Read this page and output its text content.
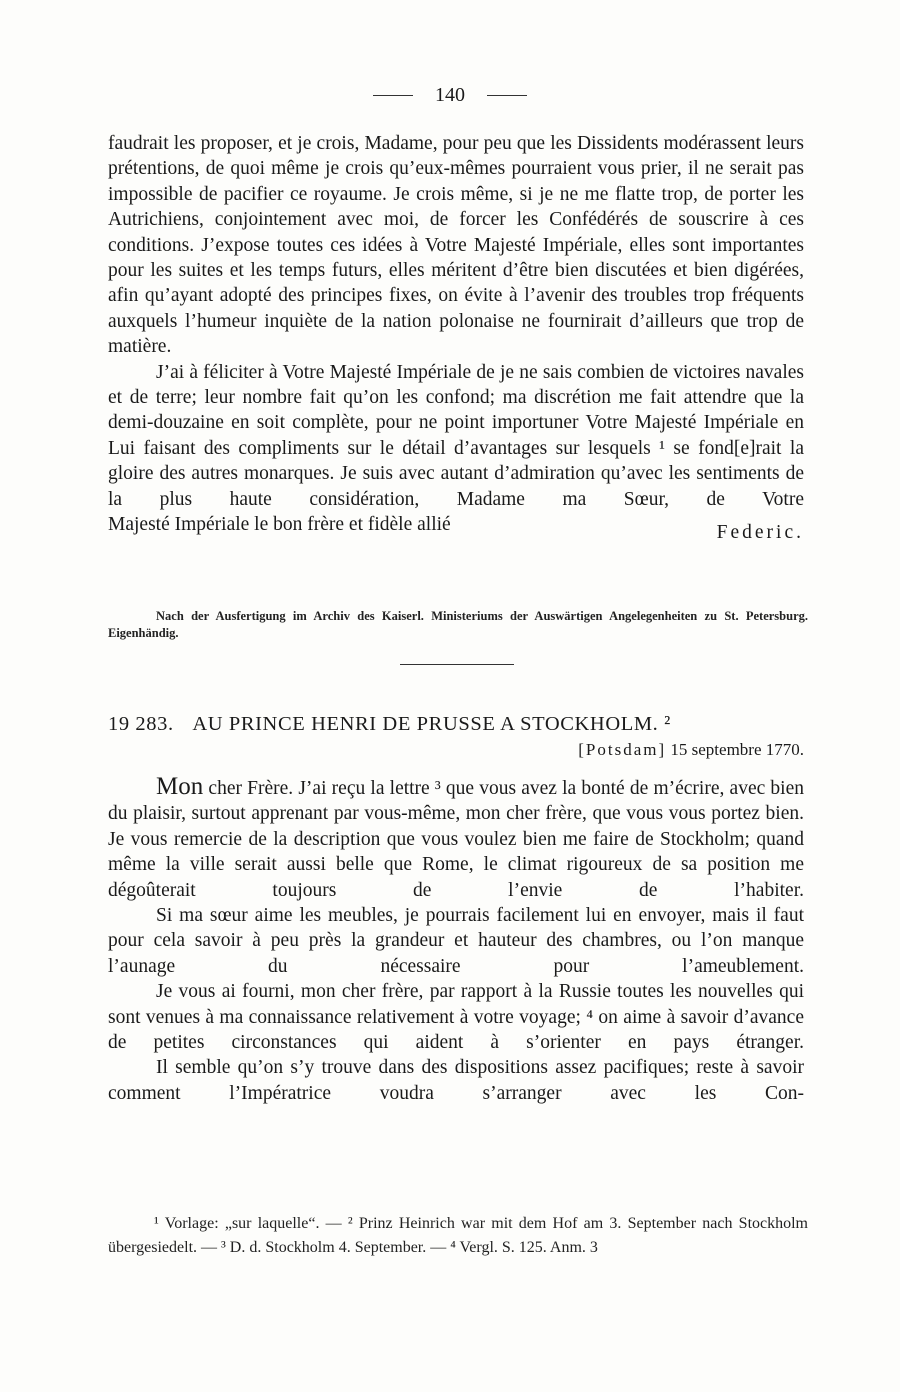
140

faudrait les proposer, et je crois, Madame, pour peu que les Dissidents modérassent leurs prétentions, de quoi même je crois qu’eux-mêmes pourraient vous prier, il ne serait pas impossible de pacifier ce royaume. Je crois même, si je ne me flatte trop, de porter les Autrichiens, conjointement avec moi, de forcer les Confédérés de souscrire à ces conditions. J’expose toutes ces idées à Votre Majesté Impériale, elles sont importantes pour les suites et les temps futurs, elles méritent d’être bien discutées et bien digérées, afin qu’ayant adopté des principes fixes, on évite à l’avenir des troubles trop fréquents auxquels l’humeur inquiète de la nation polonaise ne fournirait d’ailleurs que trop de matière.

J’ai à féliciter à Votre Majesté Impériale de je ne sais combien de victoires navales et de terre; leur nombre fait qu’on les confond; ma discrétion me fait attendre que la demi-douzaine en soit complète, pour ne point importuner Votre Majesté Impériale en Lui faisant des compliments sur le détail d’avantages sur lesquels ¹ se fond[e]rait la gloire des autres monarques. Je suis avec autant d’admiration qu’avec les sentiments de la plus haute considération, Madame ma Sœur, de Votre

Majesté Impériale le bon frère et fidèle allié	Federic.
Nach der Ausfertigung im Archiv des Kaiserl. Ministeriums der Auswärtigen Angelegenheiten zu St. Petersburg. Eigenhändig.
19 283. AU PRINCE HENRI DE PRUSSE A STOCKHOLM. ²
[Potsdam] 15 septembre 1770.

Mon cher Frère. J’ai reçu la lettre ³ que vous avez la bonté de m’écrire, avec bien du plaisir, surtout apprenant par vous-même, mon cher frère, que vous vous portez bien. Je vous remercie de la description que vous voulez bien me faire de Stockholm; quand même la ville serait aussi belle que Rome, le climat rigoureux de sa position me dégoûterait toujours de l’envie de l’habiter.

Si ma sœur aime les meubles, je pourrais facilement lui en envoyer, mais il faut pour cela savoir à peu près la grandeur et hauteur des chambres, ou l’on manque l’aunage du nécessaire pour l’ameublement.

Je vous ai fourni, mon cher frère, par rapport à la Russie toutes les nouvelles qui sont venues à ma connaissance relativement à votre voyage; ⁴ on aime à savoir d’avance de petites circonstances qui aident à s’orienter en pays étranger.

Il semble qu’on s’y trouve dans des dispositions assez pacifiques; reste à savoir comment l’Impératrice voudra s’arranger avec les Con-

¹ Vorlage: „sur laquelle“. — ² Prinz Heinrich war mit dem Hof am 3. September nach Stockholm übergesiedelt. — ³ D. d. Stockholm 4. September. — ⁴ Vergl. S. 125. Anm. 3
